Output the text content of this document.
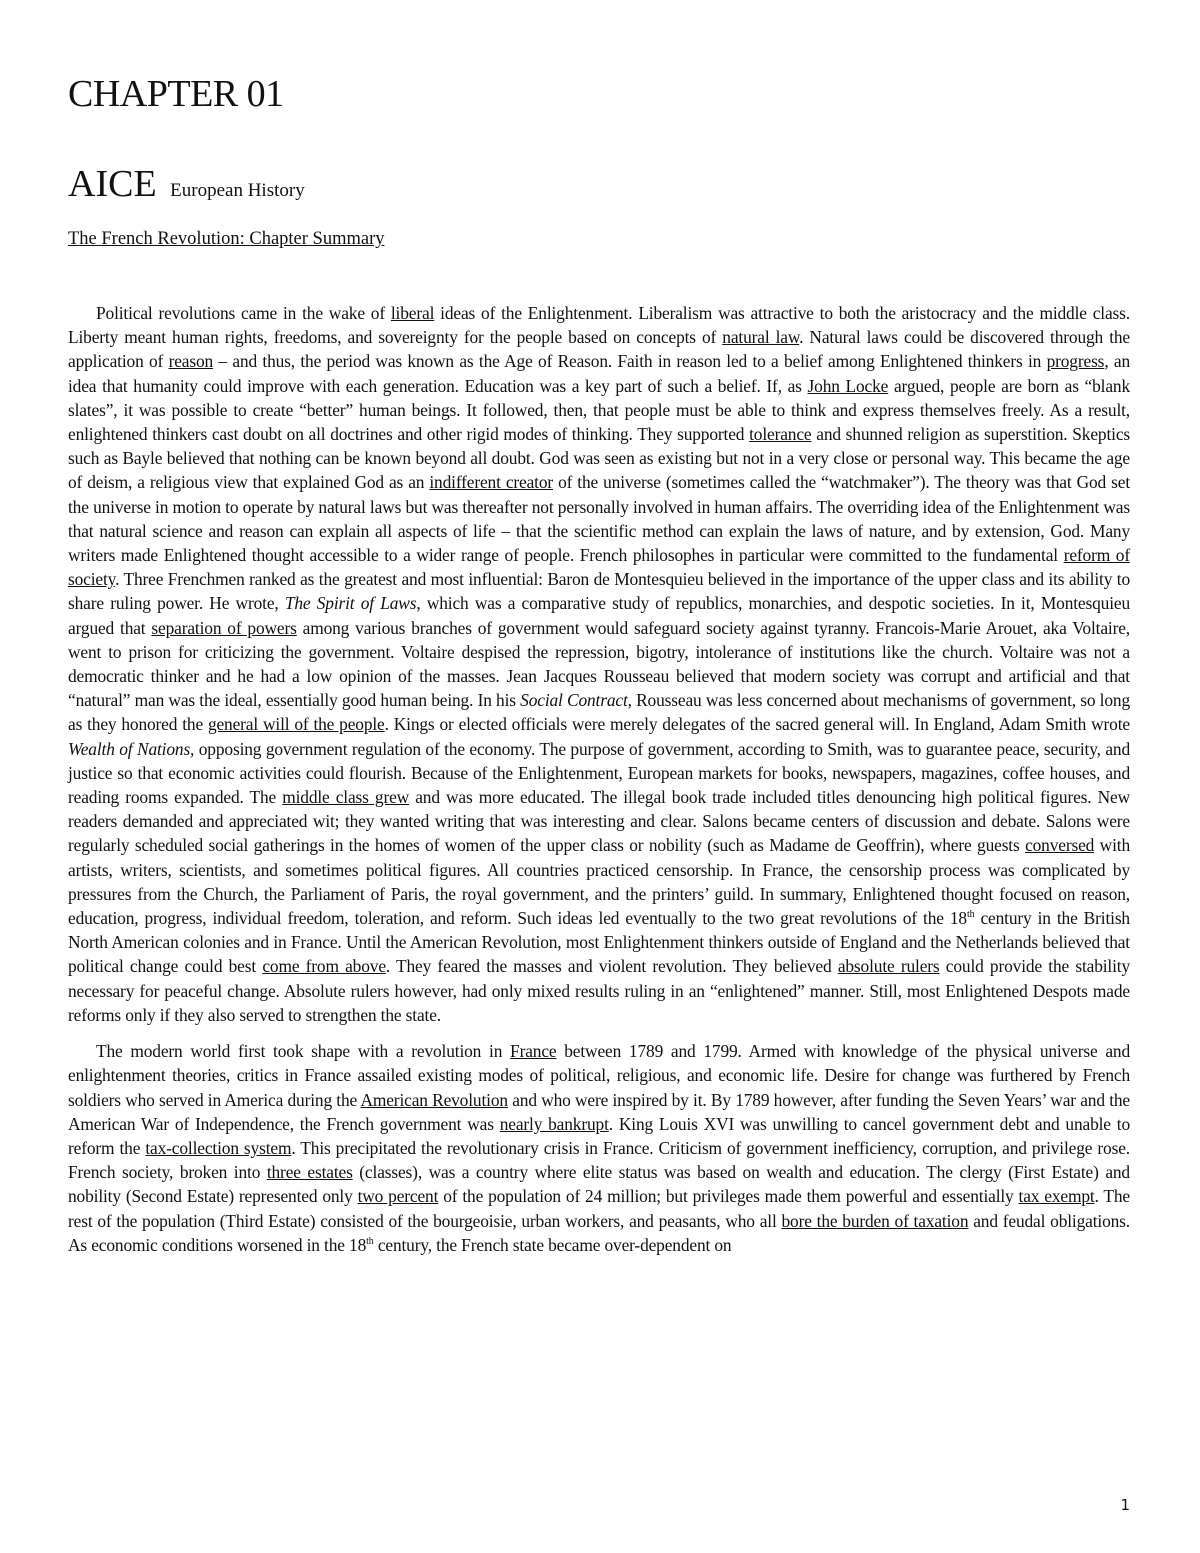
CHAPTER 01
AICE European History
The French Revolution: Chapter Summary

Political revolutions came in the wake of liberal ideas of the Enlightenment. Liberalism was attractive to both the aristocracy and the middle class. Liberty meant human rights, freedoms, and sovereignty for the people based on concepts of natural law. Natural laws could be discovered through the application of reason – and thus, the period was known as the Age of Reason. Faith in reason led to a belief among Enlightened thinkers in progress, an idea that humanity could improve with each generation. Education was a key part of such a belief. If, as John Locke argued, people are born as “blank slates”, it was possible to create “better” human beings. It followed, then, that people must be able to think and express themselves freely. As a result, enlightened thinkers cast doubt on all doctrines and other rigid modes of thinking. They supported tolerance and shunned religion as superstition. Skeptics such as Bayle believed that nothing can be known beyond all doubt. God was seen as existing but not in a very close or personal way. This became the age of deism, a religious view that explained God as an indifferent creator of the universe (sometimes called the “watchmaker”). The theory was that God set the universe in motion to operate by natural laws but was thereafter not personally involved in human affairs. The overriding idea of the Enlightenment was that natural science and reason can explain all aspects of life – that the scientific method can explain the laws of nature, and by extension, God. Many writers made Enlightened thought accessible to a wider range of people. French philosophes in particular were committed to the fundamental reform of society. Three Frenchmen ranked as the greatest and most influential: Baron de Montesquieu believed in the importance of the upper class and its ability to share ruling power. He wrote, The Spirit of Laws, which was a comparative study of republics, monarchies, and despotic societies. In it, Montesquieu argued that separation of powers among various branches of government would safeguard society against tyranny. Francois-Marie Arouet, aka Voltaire, went to prison for criticizing the government. Voltaire despised the repression, bigotry, intolerance of institutions like the church. Voltaire was not a democratic thinker and he had a low opinion of the masses. Jean Jacques Rousseau believed that modern society was corrupt and artificial and that “natural” man was the ideal, essentially good human being. In his Social Contract, Rousseau was less concerned about mechanisms of government, so long as they honored the general will of the people. Kings or elected officials were merely delegates of the sacred general will. In England, Adam Smith wrote Wealth of Nations, opposing government regulation of the economy. The purpose of government, according to Smith, was to guarantee peace, security, and justice so that economic activities could flourish. Because of the Enlightenment, European markets for books, newspapers, magazines, coffee houses, and reading rooms expanded. The middle class grew and was more educated. The illegal book trade included titles denouncing high political figures. New readers demanded and appreciated wit; they wanted writing that was interesting and clear. Salons became centers of discussion and debate. Salons were regularly scheduled social gatherings in the homes of women of the upper class or nobility (such as Madame de Geoffrin), where guests conversed with artists, writers, scientists, and sometimes political figures. All countries practiced censorship. In France, the censorship process was complicated by pressures from the Church, the Parliament of Paris, the royal government, and the printers’ guild. In summary, Enlightened thought focused on reason, education, progress, individual freedom, toleration, and reform. Such ideas led eventually to the two great revolutions of the 18th century in the British North American colonies and in France. Until the American Revolution, most Enlightenment thinkers outside of England and the Netherlands believed that political change could best come from above. They feared the masses and violent revolution. They believed absolute rulers could provide the stability necessary for peaceful change. Absolute rulers however, had only mixed results ruling in an “enlightened” manner. Still, most Enlightened Despots made reforms only if they also served to strengthen the state.

The modern world first took shape with a revolution in France between 1789 and 1799. Armed with knowledge of the physical universe and enlightenment theories, critics in France assailed existing modes of political, religious, and economic life. Desire for change was furthered by French soldiers who served in America during the American Revolution and who were inspired by it. By 1789 however, after funding the Seven Years’ war and the American War of Independence, the French government was nearly bankrupt. King Louis XVI was unwilling to cancel government debt and unable to reform the tax-collection system. This precipitated the revolutionary crisis in France. Criticism of government inefficiency, corruption, and privilege rose. French society, broken into three estates (classes), was a country where elite status was based on wealth and education. The clergy (First Estate) and nobility (Second Estate) represented only two percent of the population of 24 million; but privileges made them powerful and essentially tax exempt. The rest of the population (Third Estate) consisted of the bourgeoisie, urban workers, and peasants, who all bore the burden of taxation and feudal obligations. As economic conditions worsened in the 18th century, the French state became over-dependent on

1
